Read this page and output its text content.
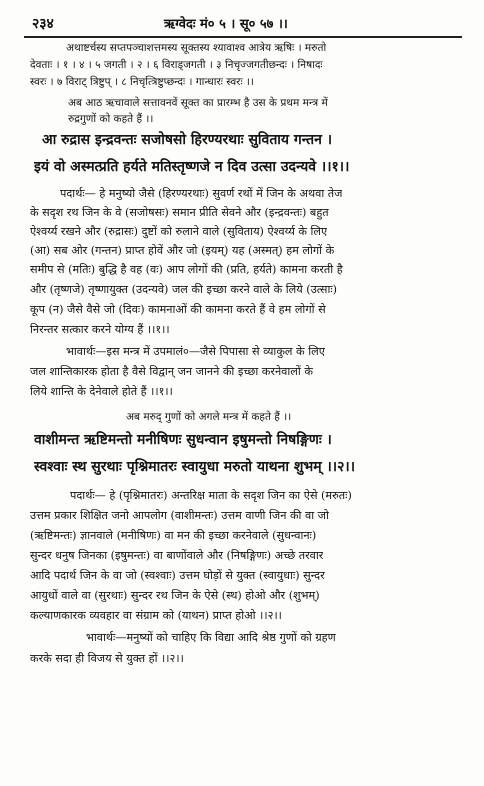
२३४	ऋग्वेदः मं० ५ । सू० ५७ ।।
अथाष्टर्चस्य सप्तपञ्चाशत्तमस्य सूक्तस्य श्यावाश्व आत्रेय ऋषिः । मरुतो
देवताः । १ । ४ । ५ जगती । २ । ६ विराड्जगती । ३ निचृज्जगतीछन्दः । निषादः
स्वरः । ७ विराट् त्रिष्टुप् । ८ निचृत्त्रिष्टुप्छन्दः । गान्धारः स्वरः ।।
अब आठ ऋचावाले सत्तावनवें सूक्त का प्रारम्भ है उस के प्रथम मन्त्र में
रुद्रगुणों को कहते हैं ।।
आ रुद्रास इन्द्रवन्तः सजोषसो हिरण्यरथाः सुविताय गन्तन ।
इयं वो अस्मत्प्रति हर्यते मतिस्तृष्णजे न दिव उत्सा उदन्यवे ।।१।।
पदार्थः— हे मनुष्यो जैसे (हिरण्यरथाः) सुवर्ण रथों में जिन के अथवा तेज
के सदृश रथ जिन के वे (सजोषसः) समान प्रीति सेवने और (इन्द्रवन्तः) बहुत
ऐश्वर्य्य रखने और (रुद्रासः) दुष्टों को रुलाने वाले (सुविताय) ऐश्वर्य्य के लिए
(आ) सब ओर (गन्तन) प्राप्त होवें और जो (इयम्) यह (अस्मत्) हम लोगों के
समीप से (मतिः) बुद्धि है वह (वः) आप लोगों की (प्रति, हर्यते) कामना करती है
और (तृष्णजे) तृष्णायुक्त (उदन्यवे) जल की इच्छा करने वाले के लिये (उत्साः)
कूप (न) जैसे वैसे जो (दिवः) कामनाओं की कामना करते हैं वे हम लोगों से
निरन्तर सत्कार करने योग्य हैं ।।१।।
भावार्थः—इस मन्त्र में उपमालं०—जैसे पिपासा से व्याकुल के लिए
जल शान्तिकारक होता है वैसे विद्वान् जन जानने की इच्छा करनेवालों के
लिये शान्ति के देनेवाले होते हैं ।।१।।
अब मरुद् गुणों को अगले मन्त्र में कहते हैं ।।
वाशीमन्त ऋष्टिमन्तो मनीषिणः सुधन्वान इषुमन्तो निषङ्गिणः ।
स्वश्वाः स्थ सुरथाः पृश्निमातरः स्वायुधा मरुतो याथना शुभम् ।।२।।
पदार्थः— हे (पृश्निमातरः) अन्तरिक्ष माता के सदृश जिन का ऐसे (मरुतः)
उत्तम प्रकार शिक्षित जनो आपलोग (वाशीमन्तः) उत्तम वाणी जिन की वा जो
(ऋष्टिमन्तः) ज्ञानवाले (मनीषिणः) वा मन की इच्छा करनेवाले (सुधन्वानः)
सुन्दर धनुष जिनका (इषुमन्तः) वा बाणोंवाले और (निषङ्गिणः) अच्छे तरवार
आदि पदार्थ जिन के वा जो (स्वश्वाः) उत्तम घोड़ों से युक्त (स्वायुधाः) सुन्दर
आयुधों वाले वा (सुरथाः) सुन्दर रथ जिन के ऐसे (स्थ) होओ और (शुभम्)
कल्याणकारक व्यवहार वा संग्राम को (याथन) प्राप्त होओ ।।२।।
भावार्थः—मनुष्यों को चाहिए कि विद्या आदि श्रेष्ठ गुणों को ग्रहण
करके सदा ही विजय से युक्त हों ।।२।।
